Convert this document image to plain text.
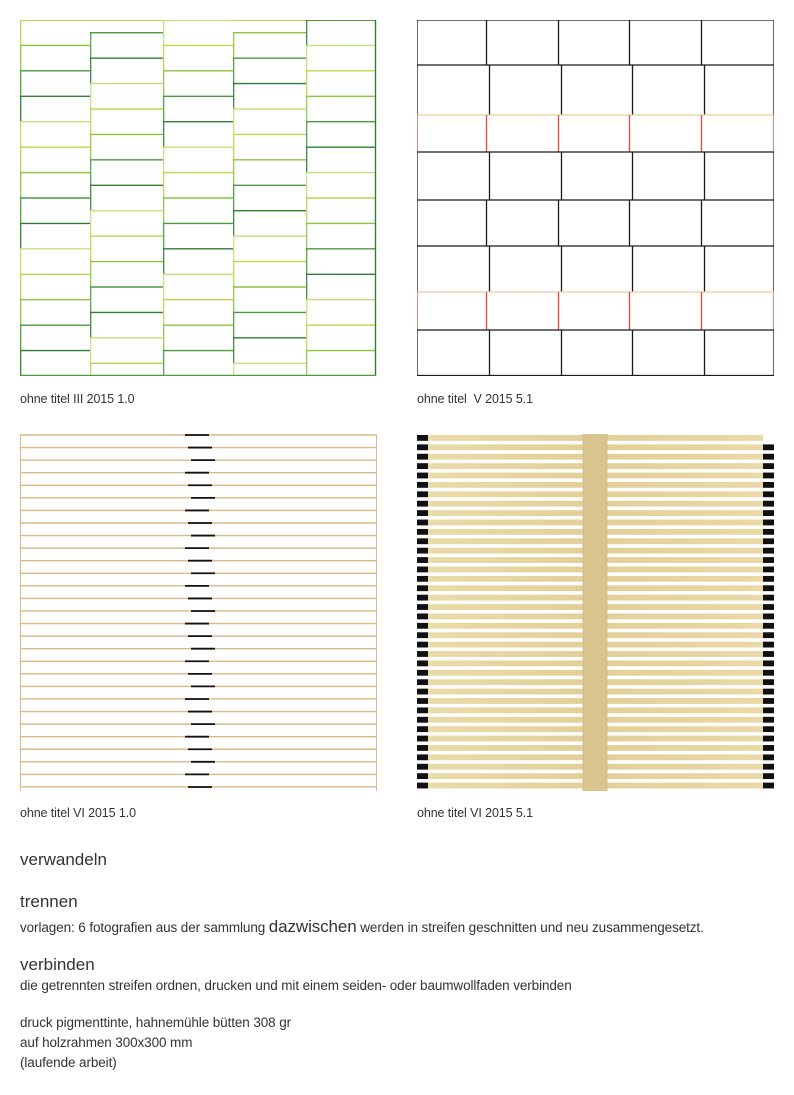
ohne titel III 2015 1.0	ohne titel  V 2015 5.1
ohne titel VI 2015 1.0	ohne titel VI 2015 5.1
verwandeln
trennen
vorlagen: 6 fotografien aus der sammlung dazwischen werden in streifen geschnitten und neu zusammengesetzt.
verbinden
die getrennten streifen ordnen, drucken und mit einem seiden- oder baumwollfaden verbinden
druck pigmenttinte, hahnemühle bütten 308 gr
auf holzrahmen 300x300 mm
(laufende arbeit)
